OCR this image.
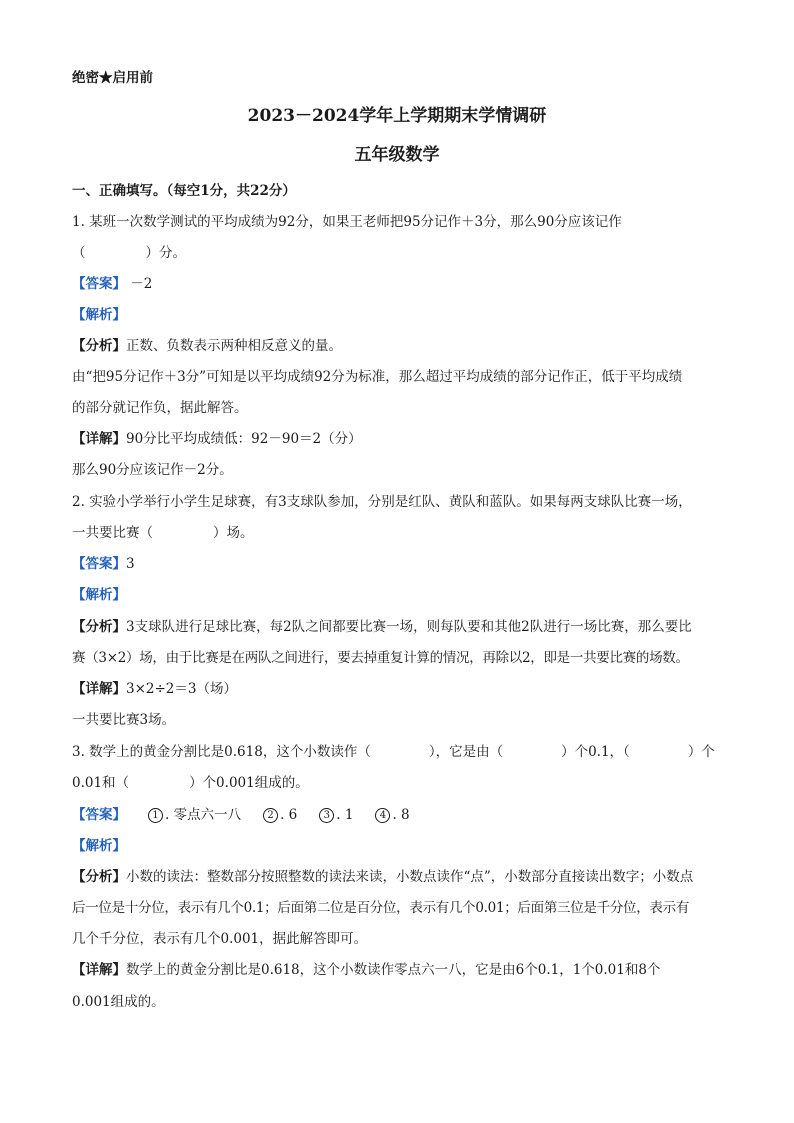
绝密★启用前
2023－2024学年上学期期末学情调研
五年级数学
一、正确填写。（每空1分，共22分）
1. 某班一次数学测试的平均成绩为92分，如果王老师把95分记作＋3分，那么90分应该记作
（	）分。
【答案】 －2
【解析】
【分析】正数、负数表示两种相反意义的量。
由“把95分记作＋3分”可知是以平均成绩92分为标准，那么超过平均成绩的部分记作正，低于平均成绩
的部分就记作负，据此解答。
【详解】90分比平均成绩低：92－90＝2（分）
那么90分应该记作－2分。
2. 实验小学举行小学生足球赛，有3支球队参加，分别是红队、黄队和蓝队。如果每两支球队比赛一场，
一共要比赛（	）场。
【答案】3
【解析】
【分析】3支球队进行足球比赛，每2队之间都要比赛一场，则每队要和其他2队进行一场比赛，那么要比
赛（3×2）场，由于比赛是在两队之间进行，要去掉重复计算的情况，再除以2，即是一共要比赛的场数。
【详解】3×2÷2＝3（场）
一共要比赛3场。
3. 数学上的黄金分割比是0.618，这个小数读作（	），它是由（	）个0.1，（	）个
0.01和（	）个0.001组成的。
【答案】	1 . 零点六一八	2 . 6	3 . 1	4 . 8
【解析】
【分析】小数的读法：整数部分按照整数的读法来读，小数点读作“点”，小数部分直接读出数字；小数点
后一位是十分位，表示有几个0.1；后面第二位是百分位，表示有几个0.01；后面第三位是千分位，表示有
几个千分位，表示有几个0.001，据此解答即可。
【详解】数学上的黄金分割比是0.618，这个小数读作零点六一八，它是由6个0.1，1个0.01和8个
0.001组成的。
